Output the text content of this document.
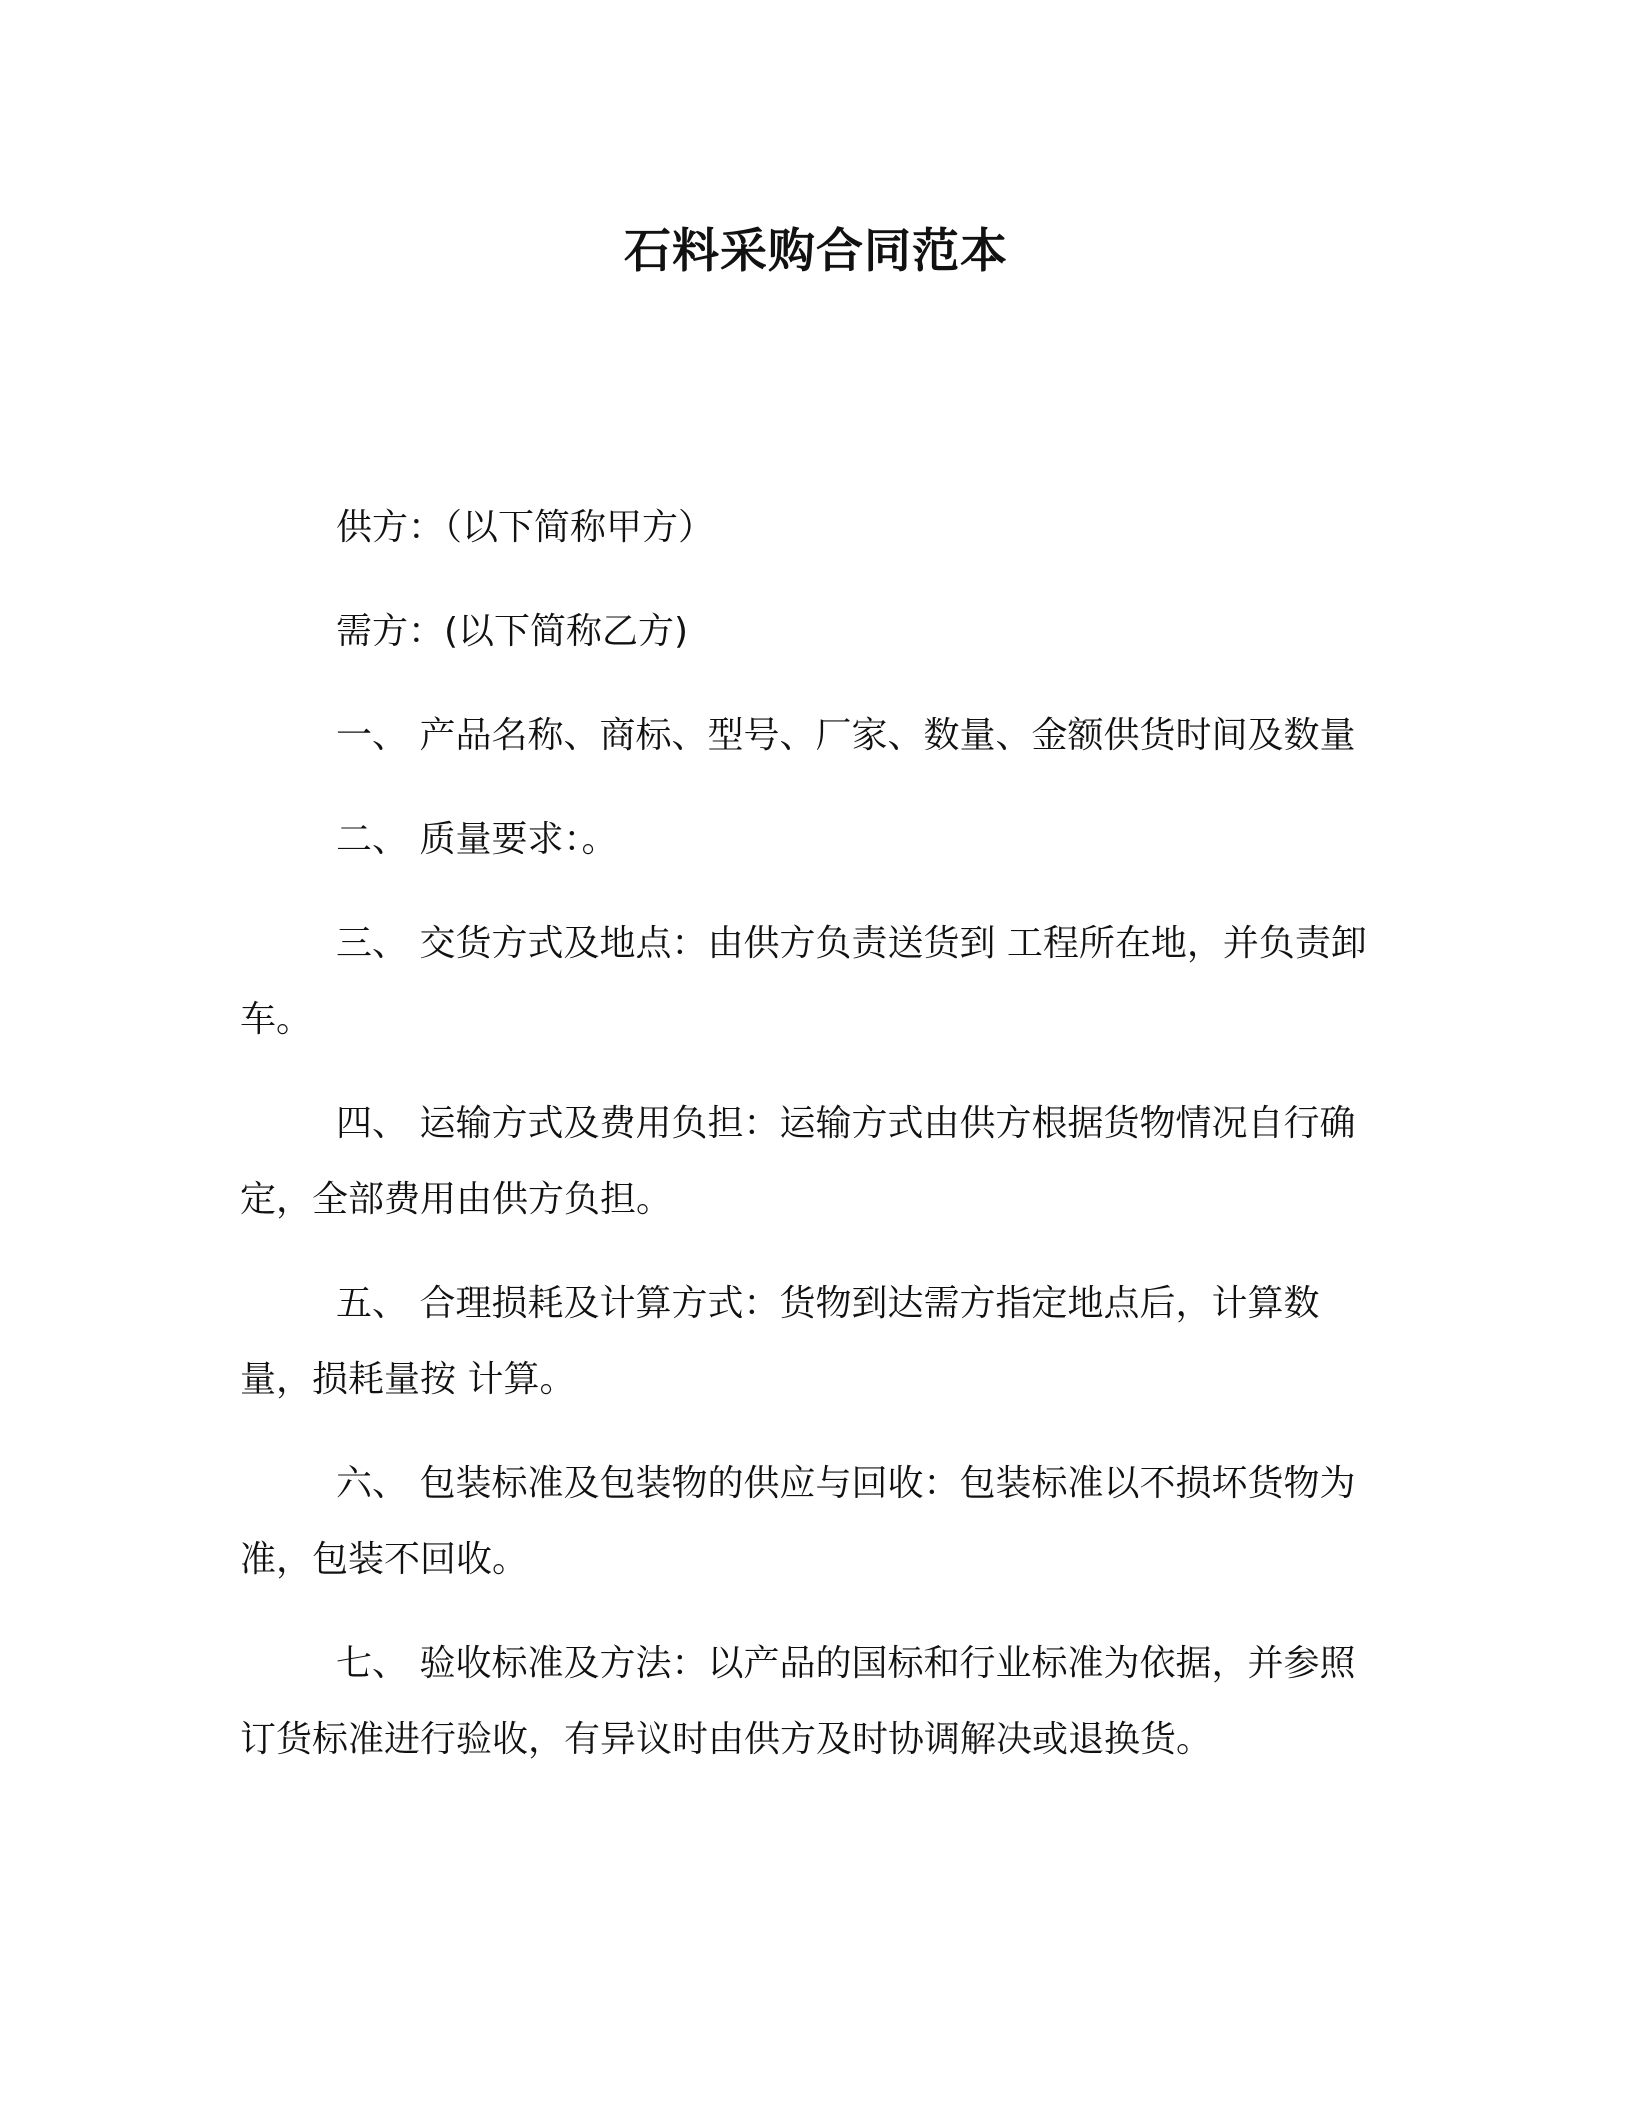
石料采购合同范本

供方：（以下简称甲方）

需方：(以下简称乙方)

一、 产品名称、商标、型号、厂家、数量、金额供货时间及数量

二、 质量要求：。

三、 交货方式及地点：由供方负责送货到 工程所在地，并负责卸车。

四、 运输方式及费用负担：运输方式由供方根据货物情况自行确定，全部费用由供方负担。

五、 合理损耗及计算方式：货物到达需方指定地点后，计算数量，损耗量按 计算。

六、 包装标准及包装物的供应与回收：包装标准以不损坏货物为准，包装不回收。

七、 验收标准及方法：以产品的国标和行业标准为依据，并参照订货标准进行验收，有异议时由供方及时协调解决或退换货。
